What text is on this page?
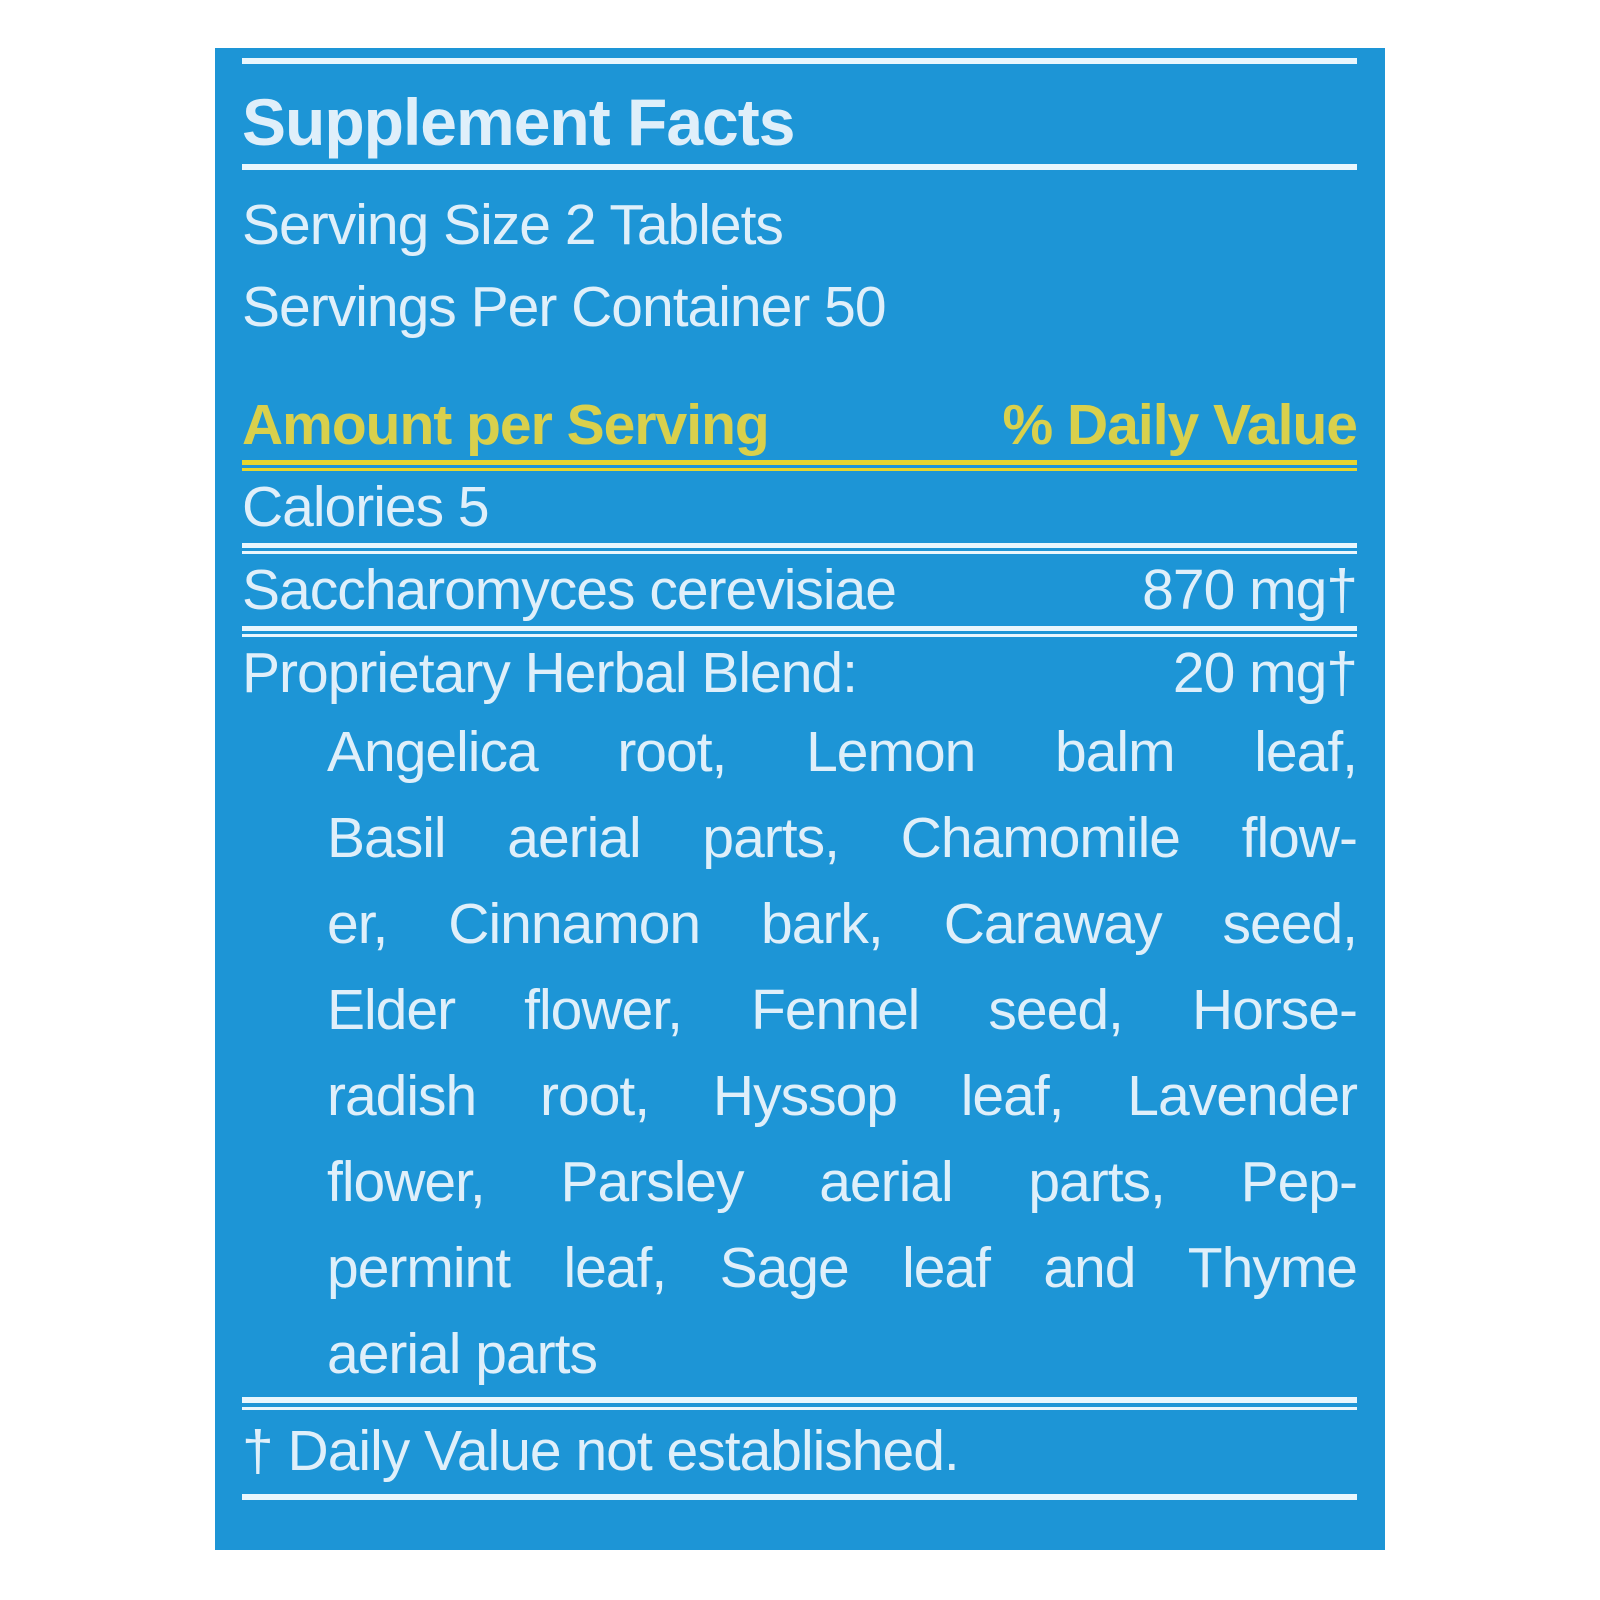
Supplement Facts
Serving Size 2 Tablets
Servings Per Container 50
Amount per Serving	% Daily Value
Calories 5
Saccharomyces cerevisiae	870 mg†
Proprietary Herbal Blend:	20 mg†
Angelica root, Lemon balm leaf,
Basil aerial parts, Chamomile flow-
er, Cinnamon bark, Caraway seed,
Elder flower, Fennel seed, Horse-
radish root, Hyssop leaf, Lavender
flower, Parsley aerial parts, Pep-
permint leaf, Sage leaf and Thyme
aerial parts
† Daily Value not established.
